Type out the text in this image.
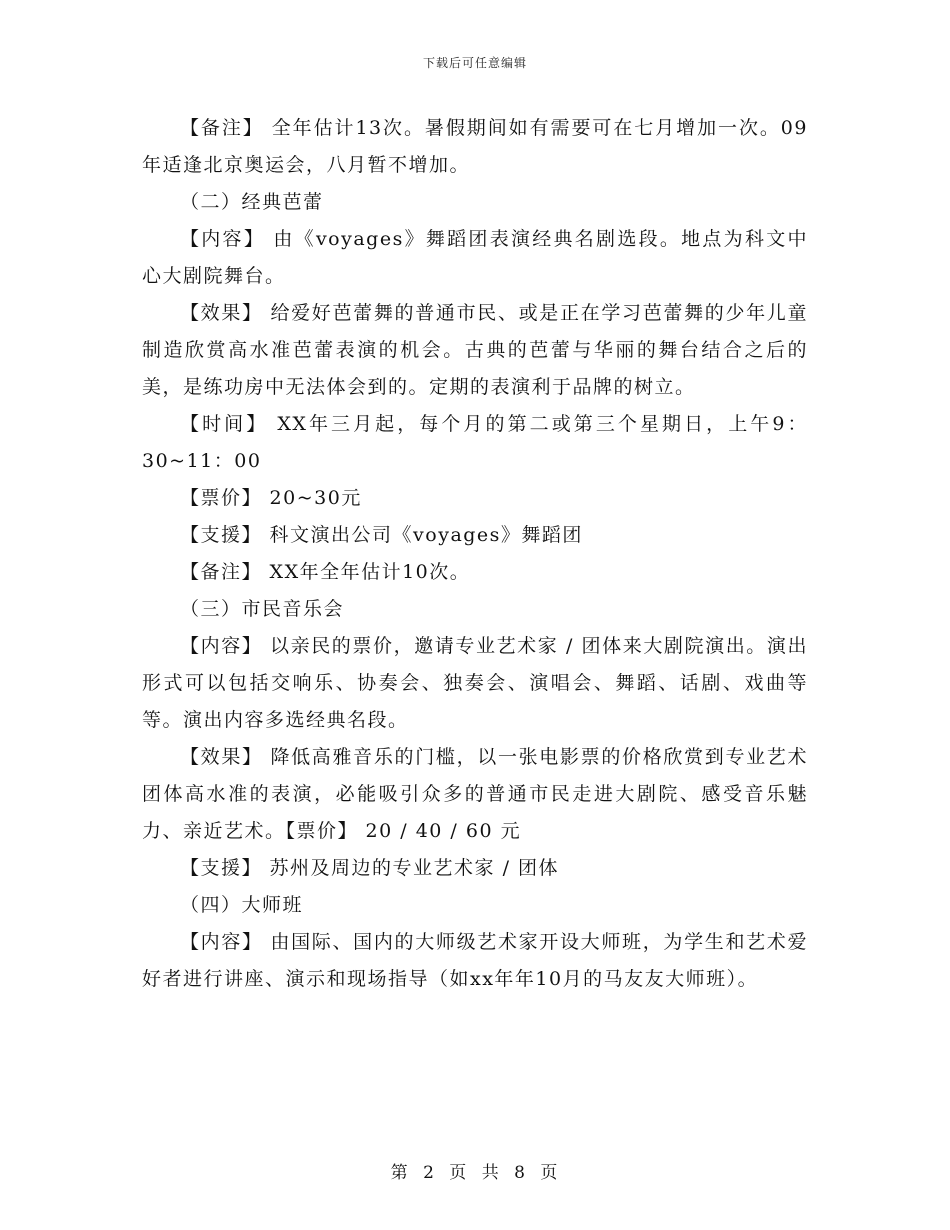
下载后可任意编辑

【备注】 全年估计13次。暑假期间如有需要可在七月增加一次。09年适逢北京奥运会，八月暂不增加。

（二）经典芭蕾

【内容】 由《voyages》舞蹈团表演经典名剧选段。地点为科文中心大剧院舞台。

【效果】 给爱好芭蕾舞的普通市民、或是正在学习芭蕾舞的少年儿童制造欣赏高水准芭蕾表演的机会。古典的芭蕾与华丽的舞台结合之后的美，是练功房中无法体会到的。定期的表演利于品牌的树立。

【时间】 XX年三月起，每个月的第二或第三个星期日，上午9：30~11：00

【票价】 20~30元

【支援】 科文演出公司《voyages》舞蹈团

【备注】 XX年全年估计10次。

（三）市民音乐会

【内容】 以亲民的票价，邀请专业艺术家 / 团体来大剧院演出。演出形式可以包括交响乐、协奏会、独奏会、演唱会、舞蹈、话剧、戏曲等等。演出内容多选经典名段。

【效果】 降低高雅音乐的门槛，以一张电影票的价格欣赏到专业艺术团体高水准的表演，必能吸引众多的普通市民走进大剧院、感受音乐魅力、亲近艺术。【票价】 20 / 40 / 60 元

【支援】 苏州及周边的专业艺术家 / 团体

（四）大师班

【内容】 由国际、国内的大师级艺术家开设大师班，为学生和艺术爱好者进行讲座、演示和现场指导（如xx年年10月的马友友大师班）。

第 2 页 共 8 页
